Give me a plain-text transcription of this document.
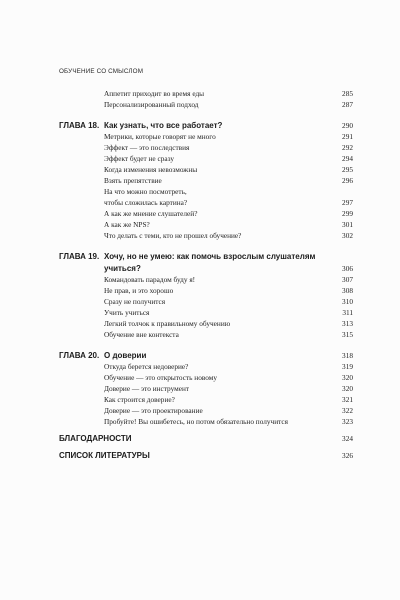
ОБУЧЕНИЕ СО СМЫСЛОМ
Аппетит приходит во время еды	285
Персонализированный подход	287
ГЛАВА 18. Как узнать, что все работает?	290
Метрики, которые говорят не много	291
Эффект — это последствия	292
Эффект будет не сразу	294
Когда изменения невозможны	295
Взять препятствие	296
На что можно посмотреть,
чтобы сложилась картина?	297
А как же мнение слушателей?	299
А как же NPS?	301
Что делать с теми, кто не прошел обучение?	302
ГЛАВА 19. Хочу, но не умею: как помочь взрослым слушателям учиться?	306
Командовать парадом буду я!	307
Не прав, и это хорошо	308
Сразу не получится	310
Учить учиться	311
Легкий толчок к правильному обучению	313
Обучение вне контекста	315
ГЛАВА 20. О доверии	318
Откуда берется недоверие?	319
Обучение — это открытость новому	320
Доверие — это инструмент	320
Как строится доверие?	321
Доверие — это проектирование	322
Пробуйте! Вы ошибетесь, но потом обязательно получится	323
БЛАГОДАРНОСТИ	324
СПИСОК ЛИТЕРАТУРЫ	326
